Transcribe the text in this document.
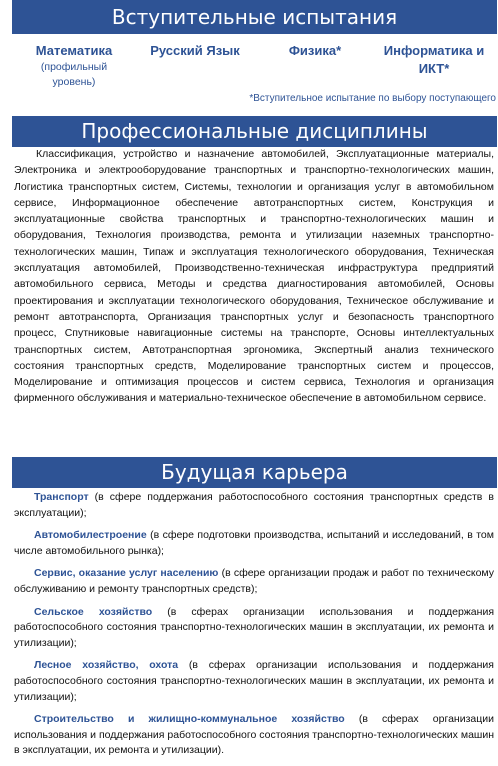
Вступительные испытания
Математика
(профильный уровень)
Русский Язык	Физика*	Информатика и ИКТ*
*Вступительное испытание по выбору поступающего
Профессиональные дисциплины

Классификация, устройство и назначение автомобилей, Эксплуатационные материалы, Электроника и электрооборудование транспортных и транспортно-технологических машин, Логистика транспортных систем, Системы, технологии и организация услуг в автомобильном сервисе, Информационное обеспечение автотранспортных систем, Конструкция и эксплуатационные свойства транспортных и транспортно-технологических машин и оборудования, Технология производства, ремонта и утилизации наземных транспортно-технологических машин, Типаж и эксплуатация технологического оборудования, Техническая эксплуатация автомобилей, Производственно-техническая инфраструктура предприятий автомобильного сервиса, Методы и средства диагностирования автомобилей, Основы проектирования и эксплуатации технологического оборудования, Техническое обслуживание и ремонт автотранспорта, Организация транспортных услуг и безопасность транспортного процесс, Спутниковые навигационные системы на транспорте, Основы интеллектуальных транспортных систем, Автотранспортная эргономика, Экспертный анализ технического состояния транспортных средств, Моделирование транспортных систем и процессов, Моделирование и оптимизация процессов и систем сервиса, Технология и организация фирменного обслуживания и материально-техническое обеспечение в автомобильном сервисе.

Будущая карьера
Транспорт (в сфере поддержания работоспособного состояния транспортных средств в эксплуатации);
Автомобилестроение (в сфере подготовки производства, испытаний и исследований, в том числе автомобильного рынка);
Сервис, оказание услуг населению (в сфере организации продаж и работ по техническому обслуживанию и ремонту транспортных средств);
Сельское хозяйство (в сферах организации использования и поддержания работоспособного состояния транспортно-технологических машин в эксплуатации, их ремонта и утилизации);
Лесное хозяйство, охота (в сферах организации использования и поддержания работоспособного состояния транспортно-технологических машин в эксплуатации, их ремонта и утилизации);
Строительство и жилищно-коммунальное хозяйство (в сферах организации использования и поддержания работоспособного состояния транспортно-технологических машин в эксплуатации, их ремонта и утилизации).
